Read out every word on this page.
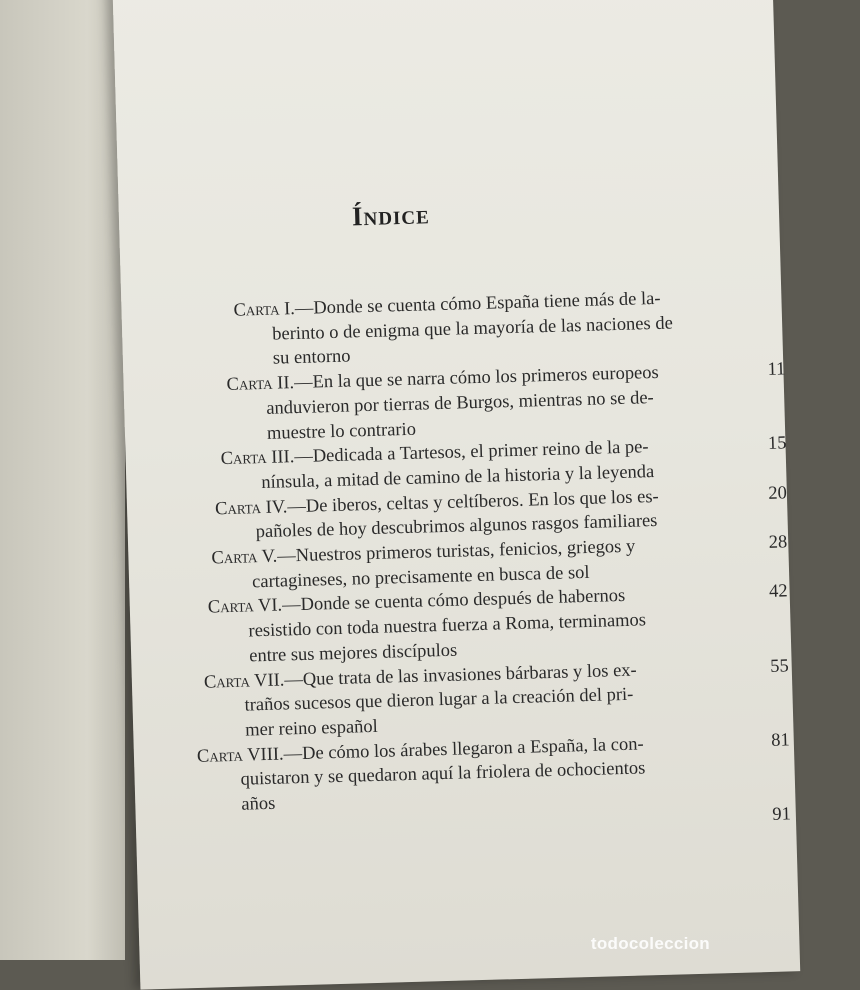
Índice
Carta I.—Donde se cuenta cómo España tiene más de la-
berinto o de enigma que la mayoría de las naciones de
su entorno
11
Carta II.—En la que se narra cómo los primeros europeos
anduvieron por tierras de Burgos, mientras no se de-
muestre lo contrario
15
Carta III.—Dedicada a Tartesos, el primer reino de la pe-
nínsula, a mitad de camino de la historia y la leyenda
20
Carta IV.—De iberos, celtas y celtíberos. En los que los es-
pañoles de hoy descubrimos algunos rasgos familiares
28
Carta V.—Nuestros primeros turistas, fenicios, griegos y
cartagineses, no precisamente en busca de sol
42
Carta VI.—Donde se cuenta cómo después de habernos
resistido con toda nuestra fuerza a Roma, terminamos
entre sus mejores discípulos	55
Carta VII.—Que trata de las invasiones bárbaras y los ex-
traños sucesos que dieron lugar a la creación del pri-
mer reino español	81
Carta VIII.—De cómo los árabes llegaron a España, la con-
quistaron y se quedaron aquí la friolera de ochocientos
años	91
todocoleccion
